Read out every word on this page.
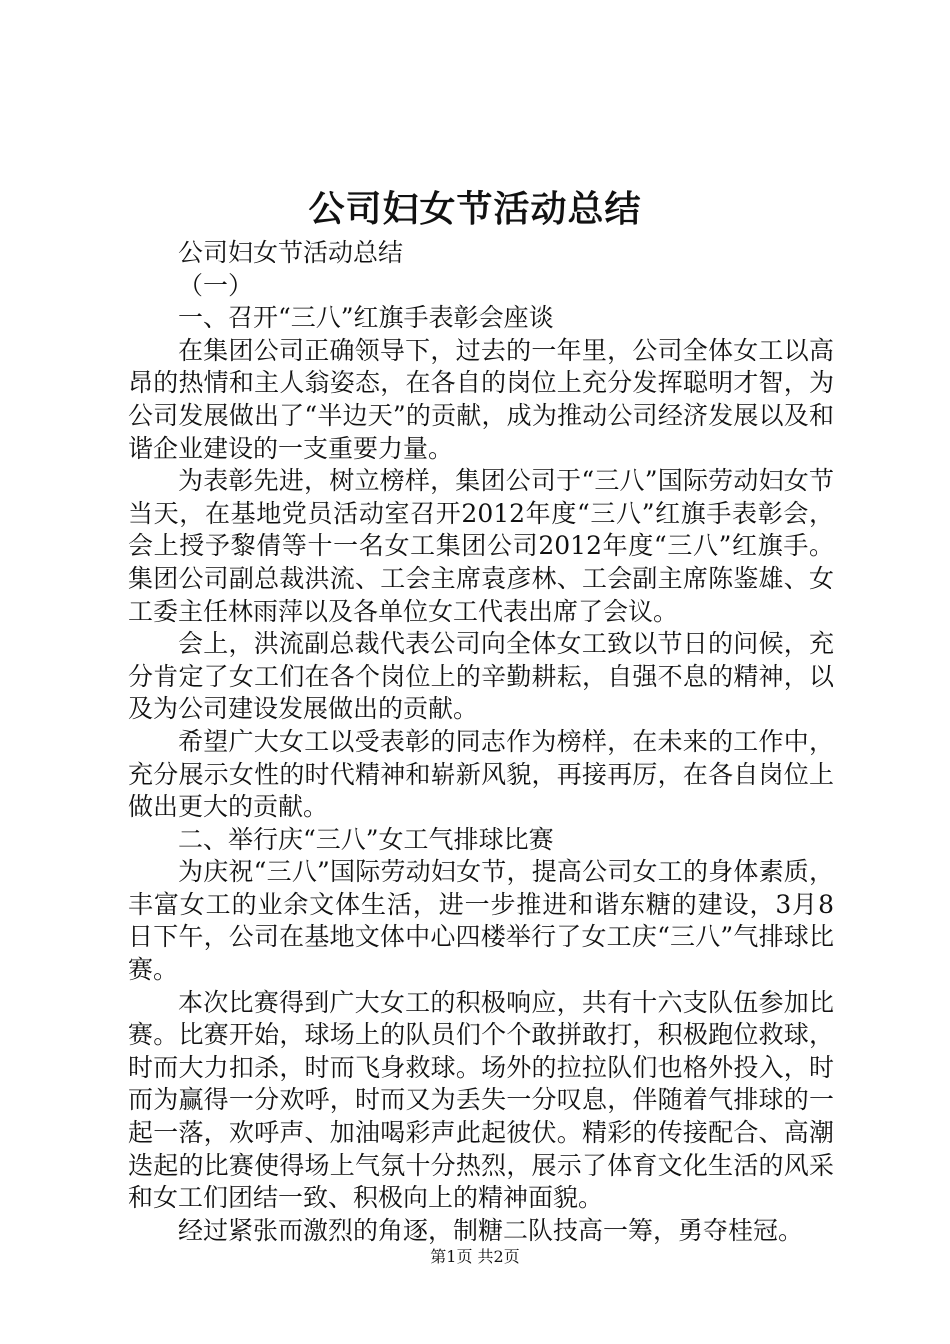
公司妇女节活动总结

公司妇女节活动总结

（一）

一、召开“三八”红旗手表彰会座谈

在集团公司正确领导下，过去的一年里，公司全体女工以高昂的热情和主人翁姿态，在各自的岗位上充分发挥聪明才智，为公司发展做出了“半边天”的贡献，成为推动公司经济发展以及和谐企业建设的一支重要力量。

为表彰先进，树立榜样，集团公司于“三八”国际劳动妇女节当天，在基地党员活动室召开2012年度“三八”红旗手表彰会，会上授予黎倩等十一名女工集团公司2012年度“三八”红旗手。集团公司副总裁洪流、工会主席袁彦林、工会副主席陈鉴雄、女工委主任林雨萍以及各单位女工代表出席了会议。

会上，洪流副总裁代表公司向全体女工致以节日的问候，充分肯定了女工们在各个岗位上的辛勤耕耘，自强不息的精神，以及为公司建设发展做出的贡献。

希望广大女工以受表彰的同志作为榜样，在未来的工作中，充分展示女性的时代精神和崭新风貌，再接再厉，在各自岗位上做出更大的贡献。

二、举行庆“三八”女工气排球比赛

为庆祝“三八”国际劳动妇女节，提高公司女工的身体素质，丰富女工的业余文体生活，进一步推进和谐东糖的建设，3月8日下午，公司在基地文体中心四楼举行了女工庆“三八”气排球比赛。

本次比赛得到广大女工的积极响应，共有十六支队伍参加比赛。比赛开始，球场上的队员们个个敢拼敢打，积极跑位救球，时而大力扣杀，时而飞身救球。场外的拉拉队们也格外投入，时而为赢得一分欢呼，时而又为丢失一分叹息，伴随着气排球的一起一落，欢呼声、加油喝彩声此起彼伏。精彩的传接配合、高潮迭起的比赛使得场上气氛十分热烈，展示了体育文化生活的风采和女工们团结一致、积极向上的精神面貌。

经过紧张而激烈的角逐，制糖二队技高一筹，勇夺桂冠。

第1页 共2页
